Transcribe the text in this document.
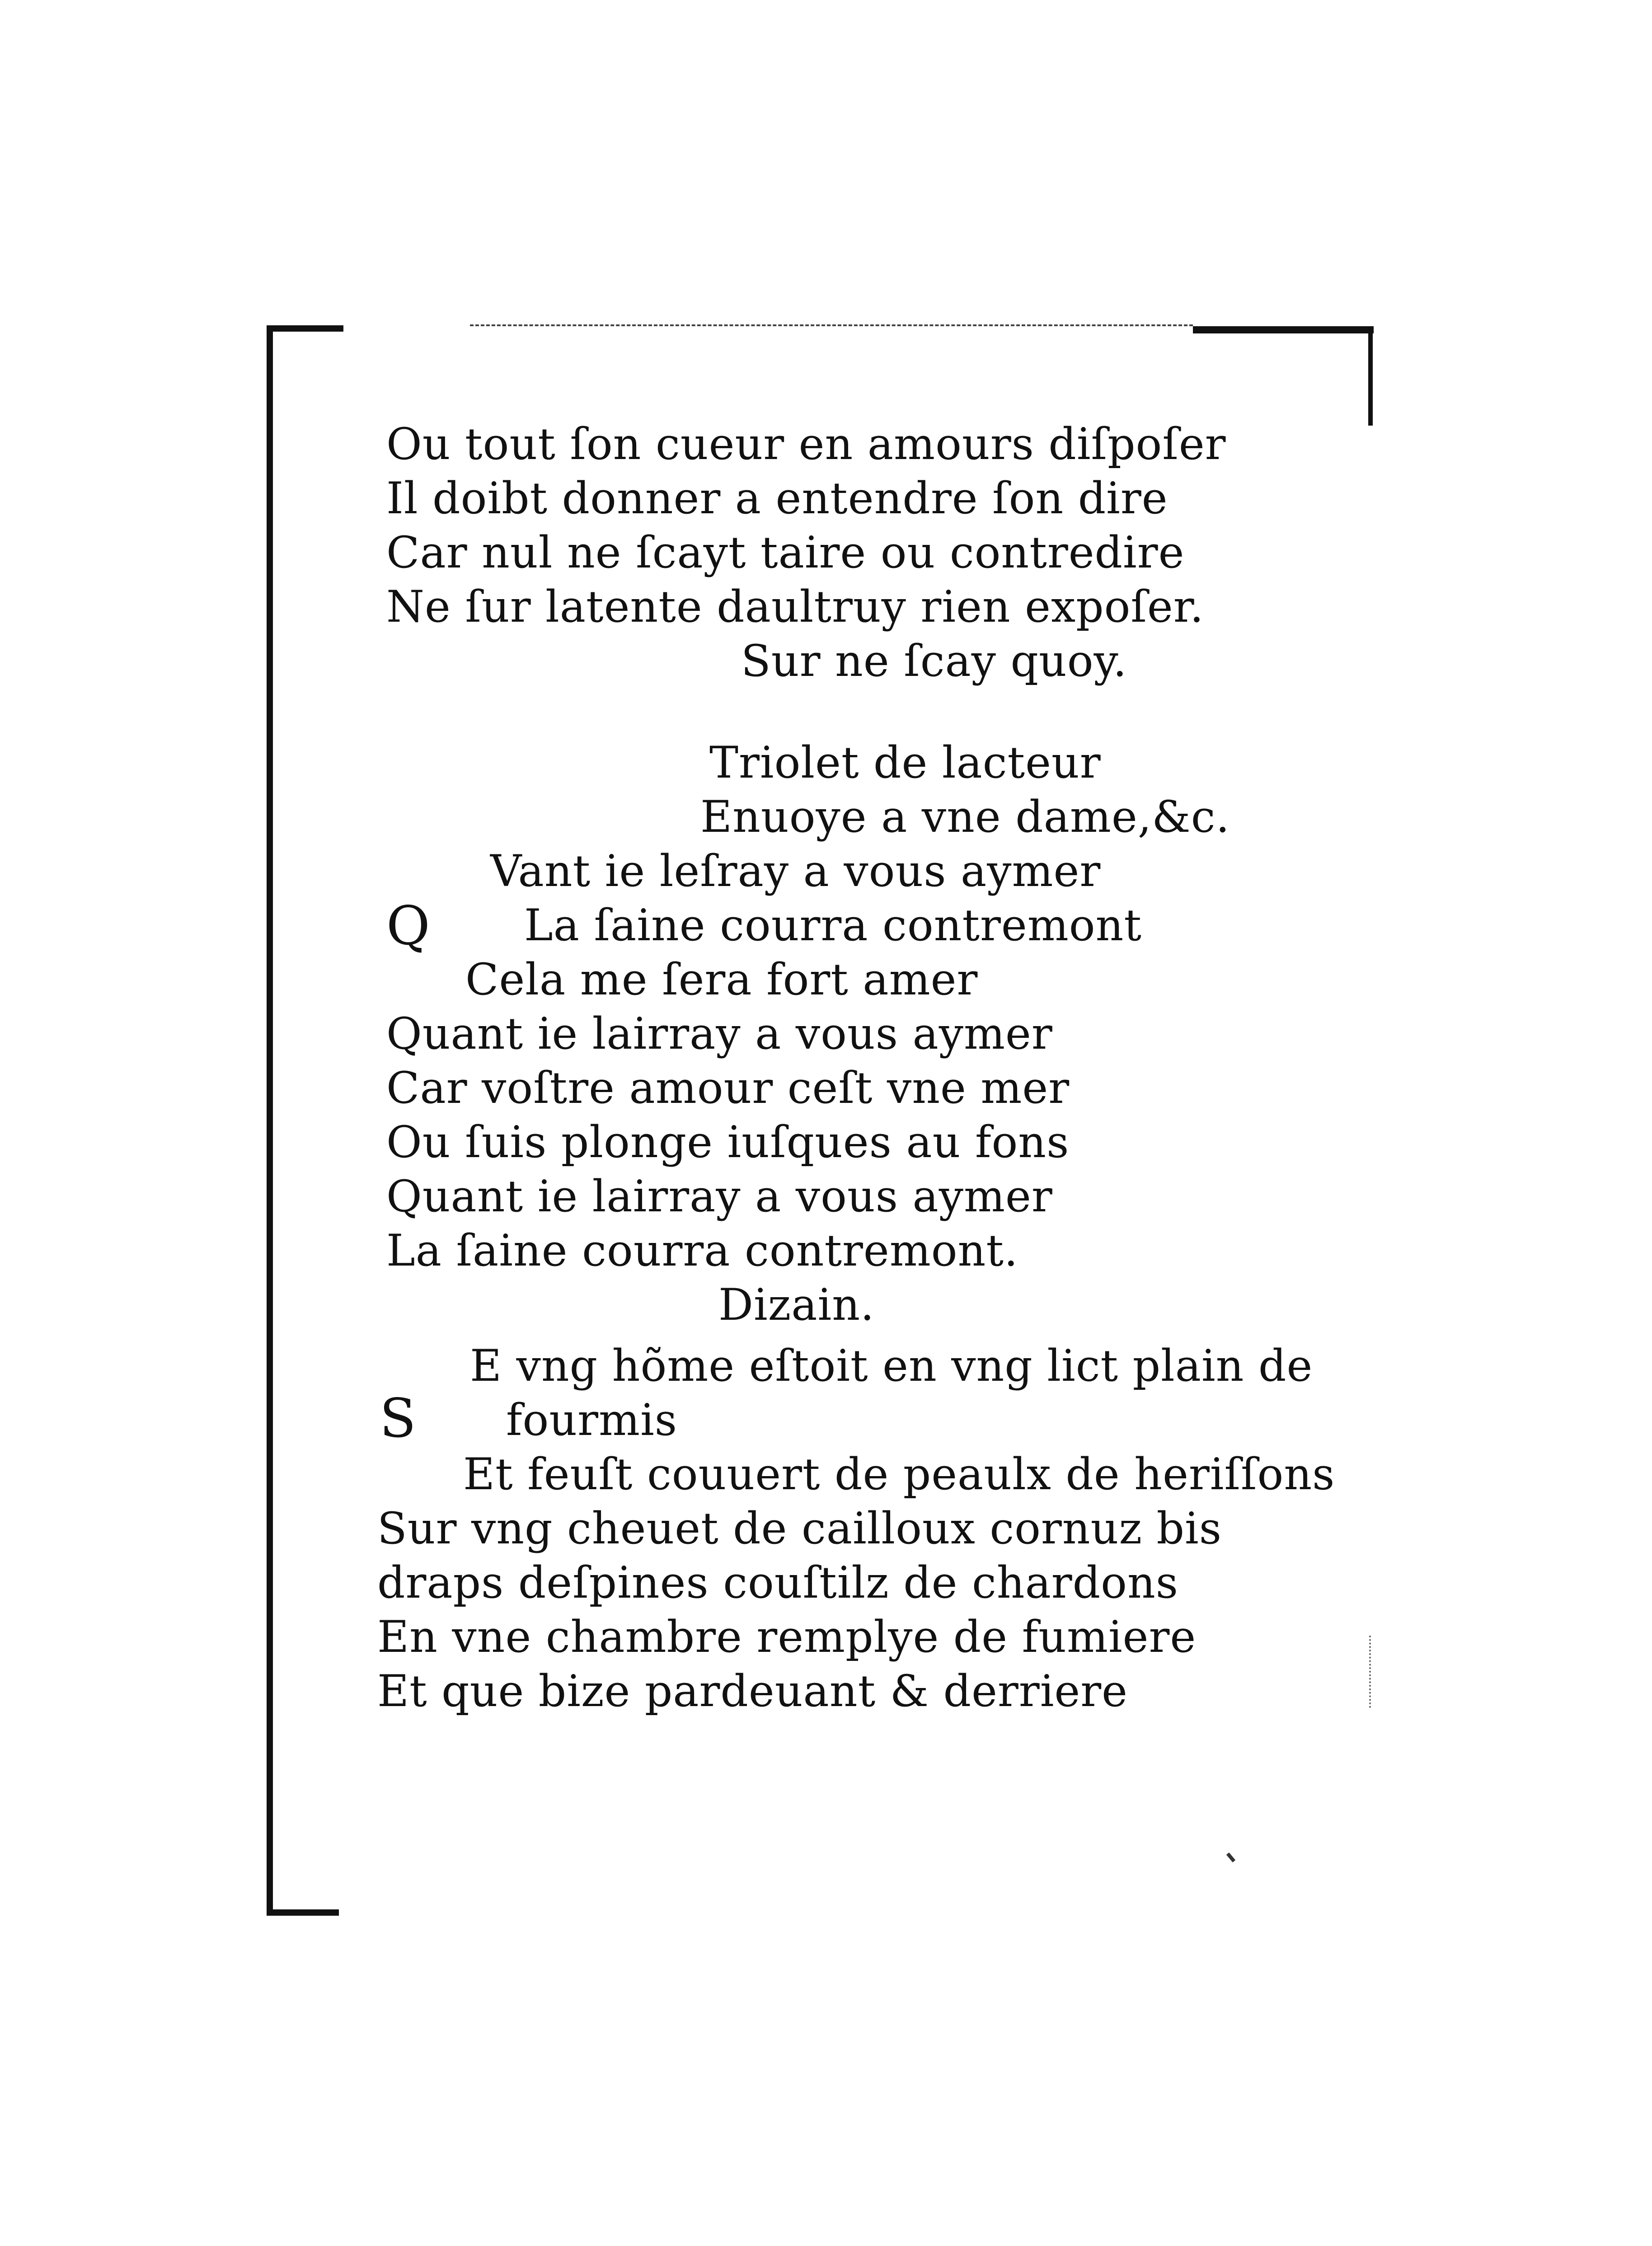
Ou tout ſon cueur en amours diſpoſer
Il doibt donner a entendre ſon dire
Car nul ne ſcayt taire ou contredire
Ne ſur latente daultruy rien expoſer.
Sur ne ſcay quoy.
Triolet de lacteur
Enuoye a vne dame,&c.
Q
Vant ie leſray a vous aymer
La ſaine courra contremont
Cela me ſera fort amer
Quant ie lairray a vous aymer
Car voſtre amour ceſt vne mer
Ou ſuis plonge iuſques au fons
Quant ie lairray a vous aymer
La ſaine courra contremont.
Dizain.
S
E vng hõme eſtoit en vng lict plain de
fourmis
Et feuſt couuert de peaulx de heriſſons
Sur vng cheuet de cailloux cornuz bis
draps deſpines couſtilz de chardons
En vne chambre remplye de fumiere
Et que bize pardeuant & derriere
